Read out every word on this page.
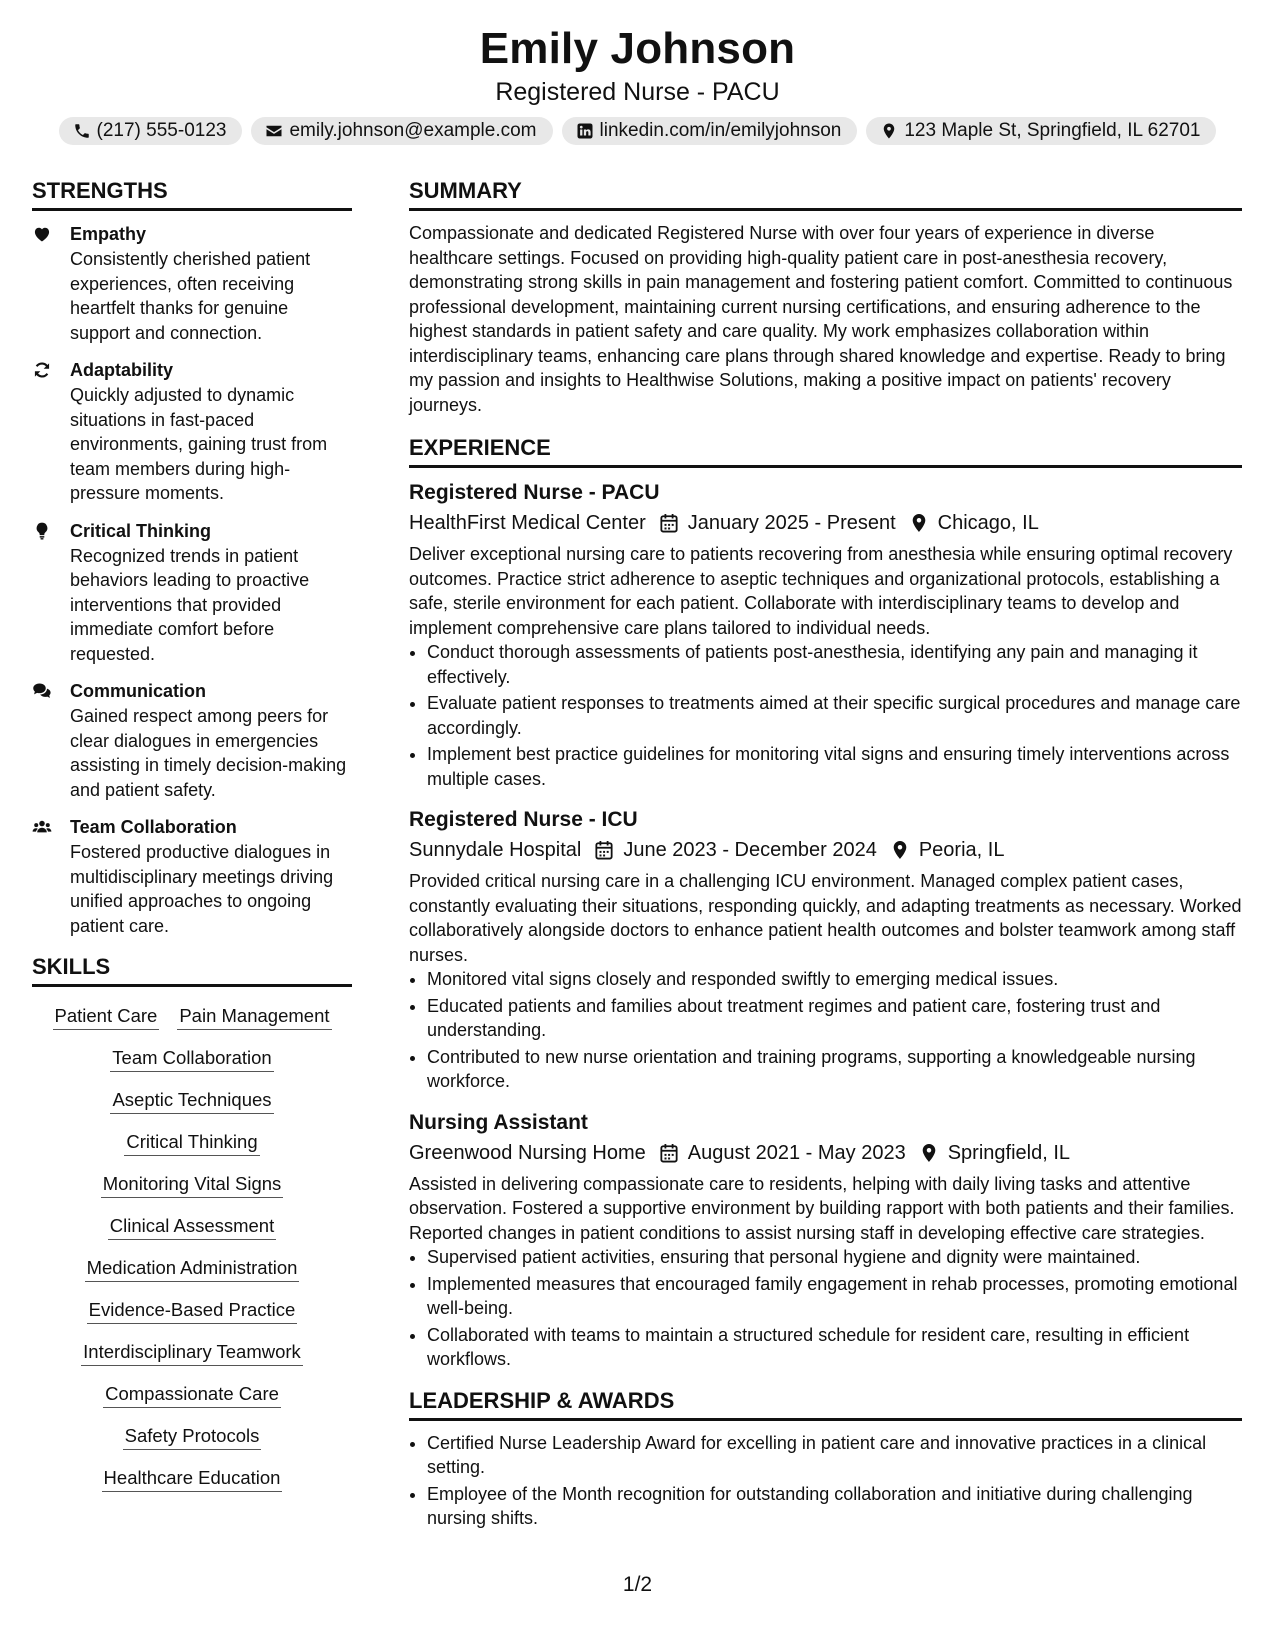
Emily Johnson
Registered Nurse - PACU
(217) 555-0123	emily.johnson@example.com	linkedin.com/in/emilyjohnson	123 Maple St, Springfield, IL 62701
STRENGTHS
Empathy
Consistently cherished patient experiences, often receiving heartfelt thanks for genuine support and connection.
Adaptability
Quickly adjusted to dynamic situations in fast-paced environments, gaining trust from team members during high-pressure moments.
Critical Thinking
Recognized trends in patient behaviors leading to proactive interventions that provided immediate comfort before requested.
Communication
Gained respect among peers for clear dialogues in emergencies assisting in timely decision-making and patient safety.
Team Collaboration
Fostered productive dialogues in multidisciplinary meetings driving unified approaches to ongoing patient care.
SKILLS
Patient Care Pain Management
Team Collaboration
Aseptic Techniques
Critical Thinking
Monitoring Vital Signs
Clinical Assessment
Medication Administration
Evidence-Based Practice
Interdisciplinary Teamwork
Compassionate Care
Safety Protocols
Healthcare Education
SUMMARY
Compassionate and dedicated Registered Nurse with over four years of experience in diverse healthcare settings. Focused on providing high-quality patient care in post-anesthesia recovery, demonstrating strong skills in pain management and fostering patient comfort. Committed to continuous professional development, maintaining current nursing certifications, and ensuring adherence to the highest standards in patient safety and care quality. My work emphasizes collaboration within interdisciplinary teams, enhancing care plans through shared knowledge and expertise. Ready to bring my passion and insights to Healthwise Solutions, making a positive impact on patients' recovery journeys.
EXPERIENCE
Registered Nurse - PACU
HealthFirst Medical Center January 2025 - Present Chicago, IL
Deliver exceptional nursing care to patients recovering from anesthesia while ensuring optimal recovery outcomes. Practice strict adherence to aseptic techniques and organizational protocols, establishing a safe, sterile environment for each patient. Collaborate with interdisciplinary teams to develop and implement comprehensive care plans tailored to individual needs.
• Conduct thorough assessments of patients post-anesthesia, identifying any pain and managing it effectively.
• Evaluate patient responses to treatments aimed at their specific surgical procedures and manage care accordingly.
• Implement best practice guidelines for monitoring vital signs and ensuring timely interventions across multiple cases.
Registered Nurse - ICU
Sunnydale Hospital June 2023 - December 2024 Peoria, IL
Provided critical nursing care in a challenging ICU environment. Managed complex patient cases, constantly evaluating their situations, responding quickly, and adapting treatments as necessary. Worked collaboratively alongside doctors to enhance patient health outcomes and bolster teamwork among staff nurses.
• Monitored vital signs closely and responded swiftly to emerging medical issues.
• Educated patients and families about treatment regimes and patient care, fostering trust and understanding.
• Contributed to new nurse orientation and training programs, supporting a knowledgeable nursing workforce.
Nursing Assistant
Greenwood Nursing Home August 2021 - May 2023 Springfield, IL
Assisted in delivering compassionate care to residents, helping with daily living tasks and attentive observation. Fostered a supportive environment by building rapport with both patients and their families. Reported changes in patient conditions to assist nursing staff in developing effective care strategies.
• Supervised patient activities, ensuring that personal hygiene and dignity were maintained.
• Implemented measures that encouraged family engagement in rehab processes, promoting emotional well-being.
• Collaborated with teams to maintain a structured schedule for resident care, resulting in efficient workflows.
LEADERSHIP & AWARDS
• Certified Nurse Leadership Award for excelling in patient care and innovative practices in a clinical setting.
• Employee of the Month recognition for outstanding collaboration and initiative during challenging nursing shifts.
1/2
